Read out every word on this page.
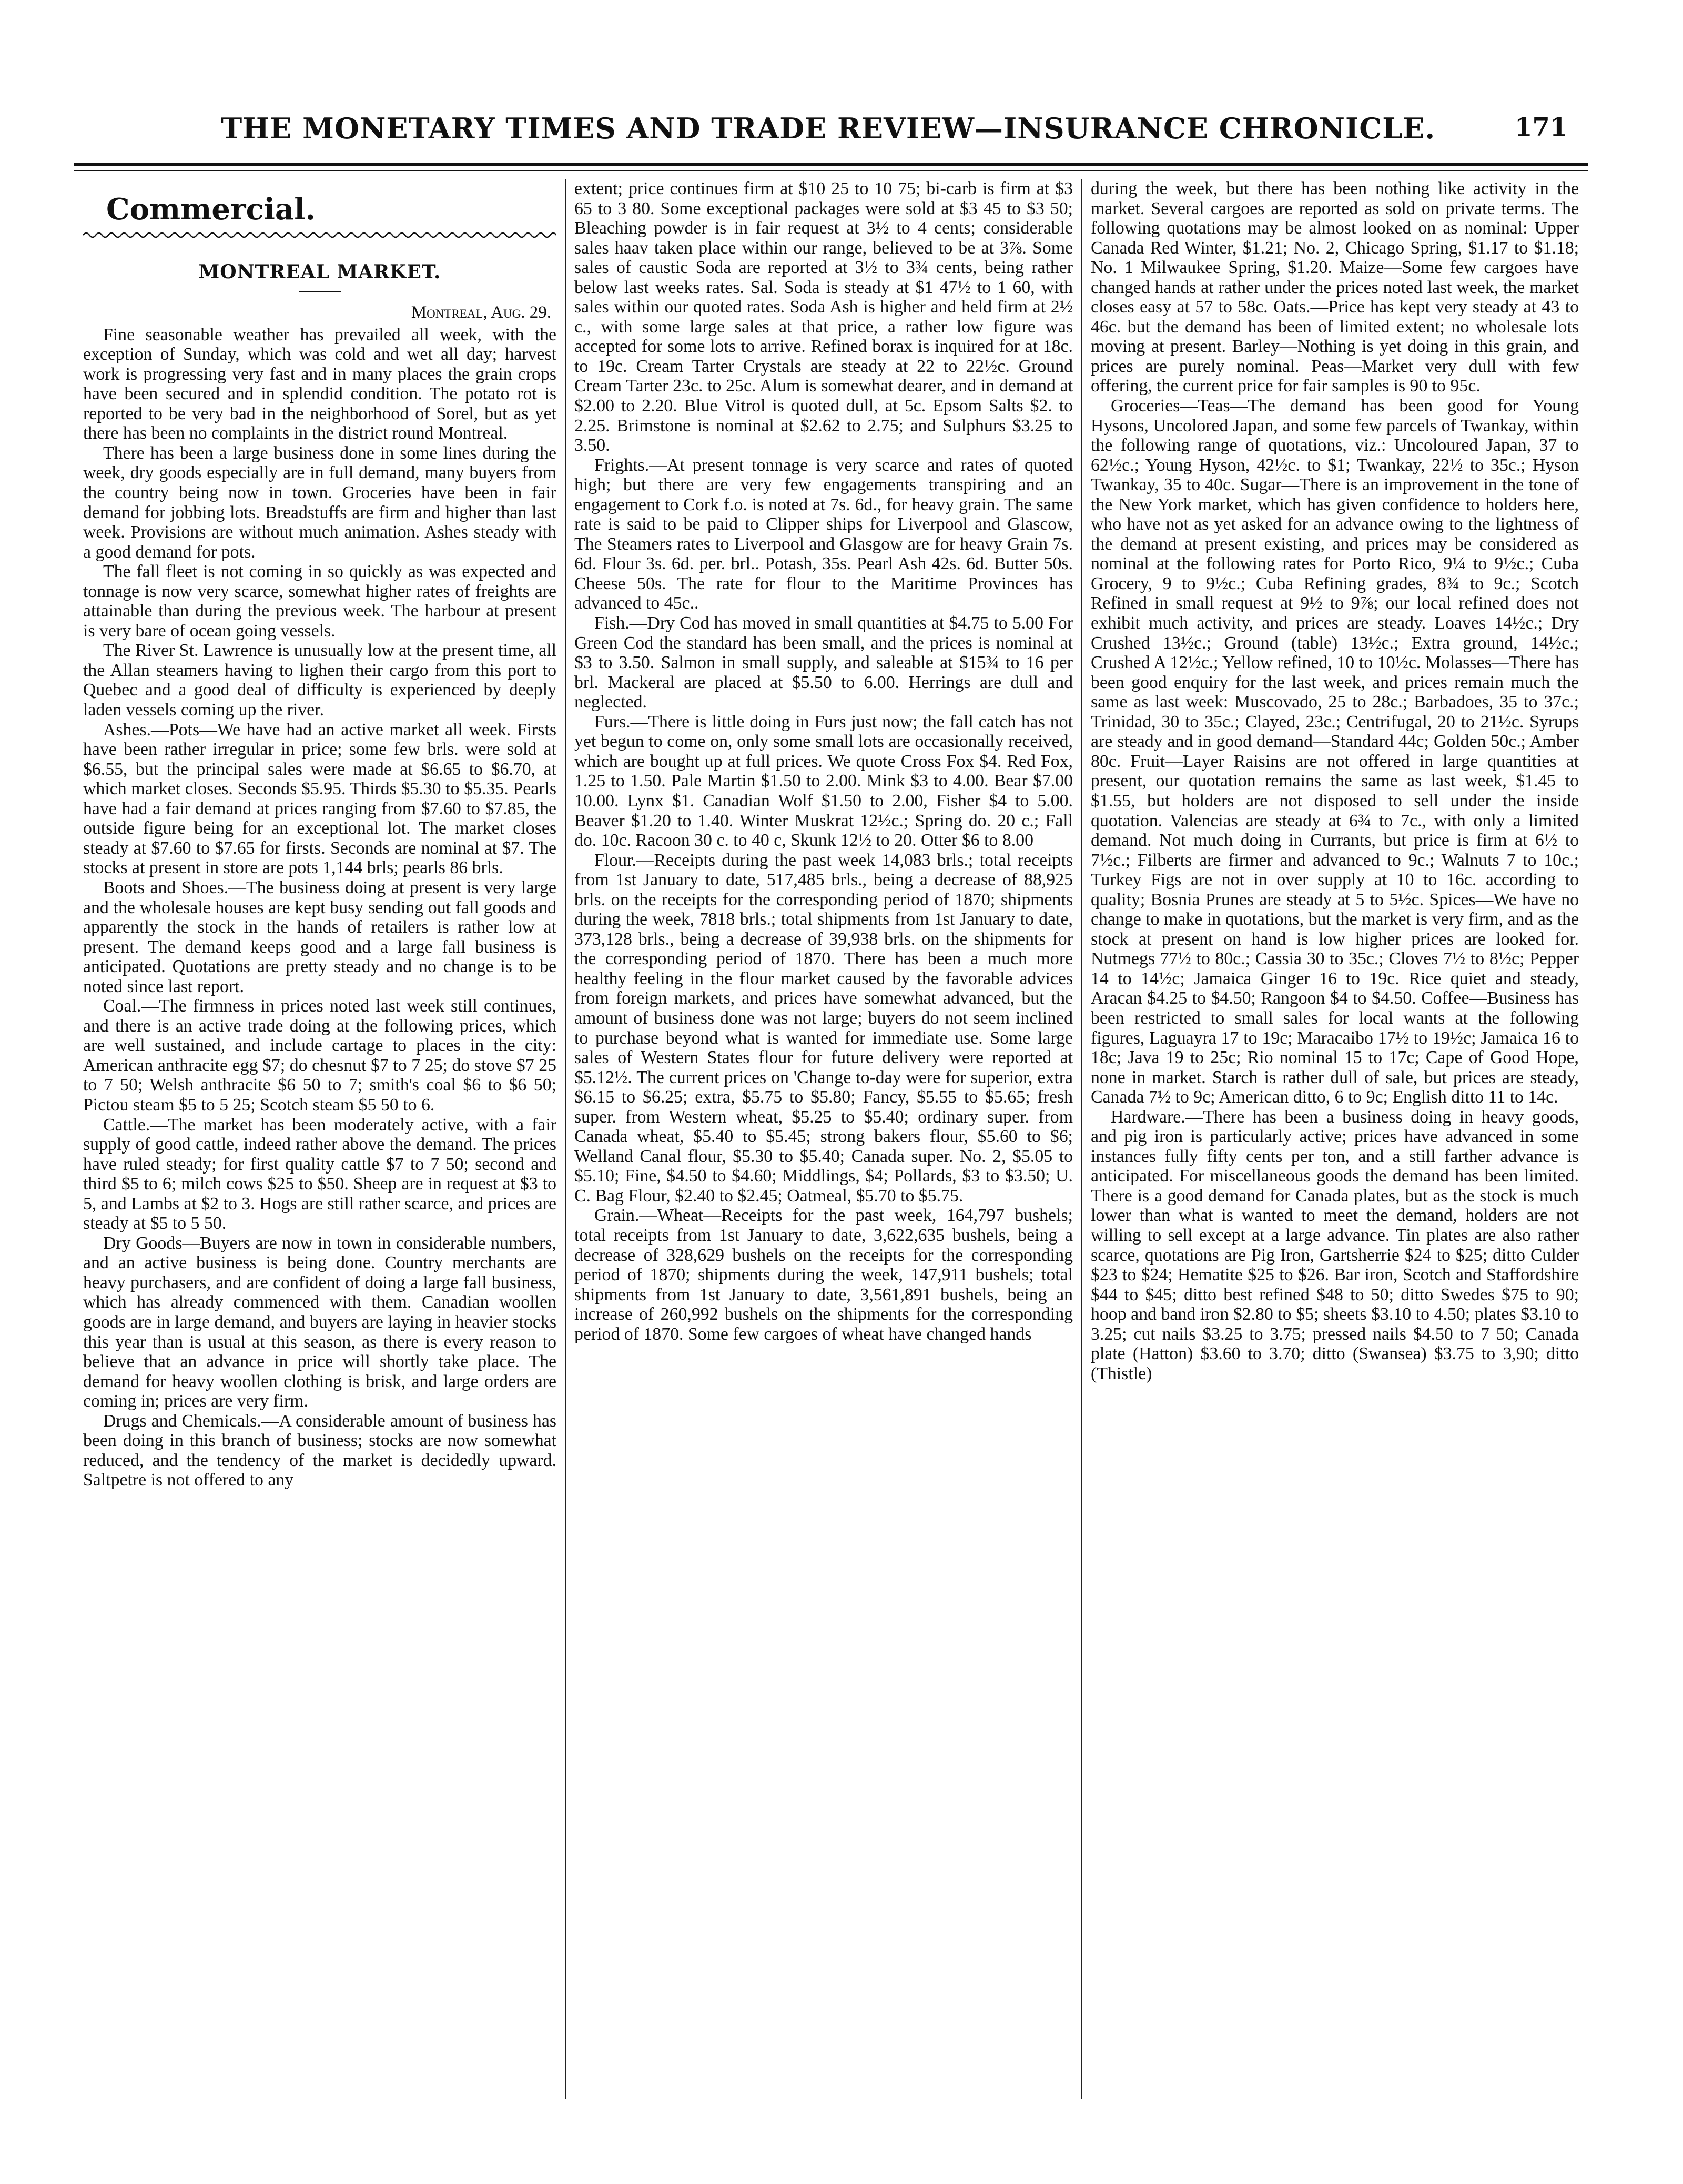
THE MONETARY TIMES AND TRADE REVIEW—INSURANCE CHRONICLE.	171
Commercial.
MONTREAL MARKET.
Montreal, Aug. 29.

Fine seasonable weather has prevailed all week, with the exception of Sunday, which was cold and wet all day; harvest work is progressing very fast and in many places the grain crops have been secured and in splendid condition. The potato rot is reported to be very bad in the neighborhood of Sorel, but as yet there has been no complaints in the district round Montreal.

There has been a large business done in some lines during the week, dry goods especially are in full demand, many buyers from the country being now in town. Groceries have been in fair demand for jobbing lots. Breadstuffs are firm and higher than last week. Provisions are without much animation. Ashes steady with a good demand for pots.

The fall fleet is not coming in so quickly as was expected and tonnage is now very scarce, somewhat higher rates of freights are attainable than during the previous week. The harbour at present is very bare of ocean going vessels.

The River St. Lawrence is unusually low at the present time, all the Allan steamers having to lighen their cargo from this port to Quebec and a good deal of difficulty is experienced by deeply laden vessels coming up the river.

Ashes.—Pots—We have had an active market all week. Firsts have been rather irregular in price; some few brls. were sold at $6.55, but the principal sales were made at $6.65 to $6.70, at which market closes. Seconds $5.95. Thirds $5.30 to $5.35. Pearls have had a fair demand at prices ranging from $7.60 to $7.85, the outside figure being for an exceptional lot. The market closes steady at $7.60 to $7.65 for firsts. Seconds are nominal at $7. The stocks at present in store are pots 1,144 brls; pearls 86 brls.

Boots and Shoes.—The business doing at present is very large and the wholesale houses are kept busy sending out fall goods and apparently the stock in the hands of retailers is rather low at present. The demand keeps good and a large fall business is anticipated. Quotations are pretty steady and no change is to be noted since last report.

Coal.—The firmness in prices noted last week still continues, and there is an active trade doing at the following prices, which are well sustained, and include cartage to places in the city: American anthracite egg $7; do chesnut $7 to 7 25; do stove $7 25 to 7 50; Welsh anthracite $6 50 to 7; smith's coal $6 to $6 50; Pictou steam $5 to 5 25; Scotch steam $5 50 to 6.

Cattle.—The market has been moderately active, with a fair supply of good cattle, indeed rather above the demand. The prices have ruled steady; for first quality cattle $7 to 7 50; second and third $5 to 6; milch cows $25 to $50. Sheep are in request at $3 to 5, and Lambs at $2 to 3. Hogs are still rather scarce, and prices are steady at $5 to 5 50.

Dry Goods—Buyers are now in town in considerable numbers, and an active business is being done. Country merchants are heavy purchasers, and are confident of doing a large fall business, which has already commenced with them. Canadian woollen goods are in large demand, and buyers are laying in heavier stocks this year than is usual at this season, as there is every reason to believe that an advance in price will shortly take place. The demand for heavy woollen clothing is brisk, and large orders are coming in; prices are very firm.

Drugs and Chemicals.—A considerable amount of business has been doing in this branch of business; stocks are now somewhat reduced, and the tendency of the market is decidedly upward. Saltpetre is not offered to any

extent; price continues firm at $10 25 to 10 75; bi-carb is firm at $3 65 to 3 80. Some exceptional packages were sold at $3 45 to $3 50; Bleaching powder is in fair request at 3½ to 4 cents; considerable sales haav taken place within our range, believed to be at 3⅞. Some sales of caustic Soda are reported at 3½ to 3¾ cents, being rather below last weeks rates. Sal. Soda is steady at $1 47½ to 1 60, with sales within our quoted rates. Soda Ash is higher and held firm at 2½ c., with some large sales at that price, a rather low figure was accepted for some lots to arrive. Refined borax is inquired for at 18c. to 19c. Cream Tarter Crystals are steady at 22 to 22½c. Ground Cream Tarter 23c. to 25c. Alum is somewhat dearer, and in demand at $2.00 to 2.20. Blue Vitrol is quoted dull, at 5c. Epsom Salts $2. to 2.25. Brimstone is nominal at $2.62 to 2.75; and Sulphurs $3.25 to 3.50.

Frights.—At present tonnage is very scarce and rates of quoted high; but there are very few engagements transpiring and an engagement to Cork f.o. is noted at 7s. 6d., for heavy grain. The same rate is said to be paid to Clipper ships for Liverpool and Glascow, The Steamers rates to Liverpool and Glasgow are for heavy Grain 7s. 6d. Flour 3s. 6d. per. brl.. Potash, 35s. Pearl Ash 42s. 6d. Butter 50s. Cheese 50s. The rate for flour to the Maritime Provinces has advanced to 45c..

Fish.—Dry Cod has moved in small quantities at $4.75 to 5.00 For Green Cod the standard has been small, and the prices is nominal at $3 to 3.50. Salmon in small supply, and saleable at $15¾ to 16 per brl. Mackeral are placed at $5.50 to 6.00. Herrings are dull and neglected.

Furs.—There is little doing in Furs just now; the fall catch has not yet begun to come on, only some small lots are occasionally received, which are bought up at full prices. We quote Cross Fox $4. Red Fox, 1.25 to 1.50. Pale Martin $1.50 to 2.00. Mink $3 to 4.00. Bear $7.00 10.00. Lynx $1. Canadian Wolf $1.50 to 2.00, Fisher $4 to 5.00. Beaver $1.20 to 1.40. Winter Muskrat 12½c.; Spring do. 20 c.; Fall do. 10c. Racoon 30 c. to 40 c, Skunk 12½ to 20. Otter $6 to 8.00

Flour.—Receipts during the past week 14,083 brls.; total receipts from 1st January to date, 517,485 brls., being a decrease of 88,925 brls. on the receipts for the corresponding period of 1870; shipments during the week, 7818 brls.; total shipments from 1st January to date, 373,128 brls., being a decrease of 39,938 brls. on the shipments for the corresponding period of 1870. There has been a much more healthy feeling in the flour market caused by the favorable advices from foreign markets, and prices have somewhat advanced, but the amount of business done was not large; buyers do not seem inclined to purchase beyond what is wanted for immediate use. Some large sales of Western States flour for future delivery were reported at $5.12½. The current prices on 'Change to-day were for superior, extra $6.15 to $6.25; extra, $5.75 to $5.80; Fancy, $5.55 to $5.65; fresh super. from Western wheat, $5.25 to $5.40; ordinary super. from Canada wheat, $5.40 to $5.45; strong bakers flour, $5.60 to $6; Welland Canal flour, $5.30 to $5.40; Canada super. No. 2, $5.05 to $5.10; Fine, $4.50 to $4.60; Middlings, $4; Pollards, $3 to $3.50; U. C. Bag Flour, $2.40 to $2.45; Oatmeal, $5.70 to $5.75.

Grain.—Wheat—Receipts for the past week, 164,797 bushels; total receipts from 1st January to date, 3,622,635 bushels, being a decrease of 328,629 bushels on the receipts for the corresponding period of 1870; shipments during the week, 147,911 bushels; total shipments from 1st January to date, 3,561,891 bushels, being an increase of 260,992 bushels on the shipments for the corresponding period of 1870. Some few cargoes of wheat have changed hands

during the week, but there has been nothing like activity in the market. Several cargoes are reported as sold on private terms. The following quotations may be almost looked on as nominal: Upper Canada Red Winter, $1.21; No. 2, Chicago Spring, $1.17 to $1.18; No. 1 Milwaukee Spring, $1.20. Maize—Some few cargoes have changed hands at rather under the prices noted last week, the market closes easy at 57 to 58c. Oats.—Price has kept very steady at 43 to 46c. but the demand has been of limited extent; no wholesale lots moving at present. Barley—Nothing is yet doing in this grain, and prices are purely nominal. Peas—Market very dull with few offering, the current price for fair samples is 90 to 95c.

Groceries—Teas—The demand has been good for Young Hysons, Uncolored Japan, and some few parcels of Twankay, within the following range of quotations, viz.: Uncoloured Japan, 37 to 62½c.; Young Hyson, 42½c. to $1; Twankay, 22½ to 35c.; Hyson Twankay, 35 to 40c. Sugar—There is an improvement in the tone of the New York market, which has given confidence to holders here, who have not as yet asked for an advance owing to the lightness of the demand at present existing, and prices may be considered as nominal at the following rates for Porto Rico, 9¼ to 9½c.; Cuba Grocery, 9 to 9½c.; Cuba Refining grades, 8¾ to 9c.; Scotch Refined in small request at 9½ to 9⅞; our local refined does not exhibit much activity, and prices are steady. Loaves 14½c.; Dry Crushed 13½c.; Ground (table) 13½c.; Extra ground, 14½c.; Crushed A 12½c.; Yellow refined, 10 to 10½c. Molasses—There has been good enquiry for the last week, and prices remain much the same as last week: Muscovado, 25 to 28c.; Barbadoes, 35 to 37c.; Trinidad, 30 to 35c.; Clayed, 23c.; Centrifugal, 20 to 21½c. Syrups are steady and in good demand—Standard 44c; Golden 50c.; Amber 80c. Fruit—Layer Raisins are not offered in large quantities at present, our quotation remains the same as last week, $1.45 to $1.55, but holders are not disposed to sell under the inside quotation. Valencias are steady at 6¾ to 7c., with only a limited demand. Not much doing in Currants, but price is firm at 6½ to 7½c.; Filberts are firmer and advanced to 9c.; Walnuts 7 to 10c.; Turkey Figs are not in over supply at 10 to 16c. according to quality; Bosnia Prunes are steady at 5 to 5½c. Spices—We have no change to make in quotations, but the market is very firm, and as the stock at present on hand is low higher prices are looked for. Nutmegs 77½ to 80c.; Cassia 30 to 35c.; Cloves 7½ to 8½c; Pepper 14 to 14½c; Jamaica Ginger 16 to 19c. Rice quiet and steady, Aracan $4.25 to $4.50; Rangoon $4 to $4.50. Coffee—Business has been restricted to small sales for local wants at the following figures, Laguayra 17 to 19c; Maracaibo 17½ to 19½c; Jamaica 16 to 18c; Java 19 to 25c; Rio nominal 15 to 17c; Cape of Good Hope, none in market. Starch is rather dull of sale, but prices are steady, Canada 7½ to 9c; American ditto, 6 to 9c; English ditto 11 to 14c.

Hardware.—There has been a business doing in heavy goods, and pig iron is particularly active; prices have advanced in some instances fully fifty cents per ton, and a still farther advance is anticipated. For miscellaneous goods the demand has been limited. There is a good demand for Canada plates, but as the stock is much lower than what is wanted to meet the demand, holders are not willing to sell except at a large advance. Tin plates are also rather scarce, quotations are Pig Iron, Gartsherrie $24 to $25; ditto Culder $23 to $24; Hematite $25 to $26. Bar iron, Scotch and Staffordshire $44 to $45; ditto best refined $48 to 50; ditto Swedes $75 to 90; hoop and band iron $2.80 to $5; sheets $3.10 to 4.50; plates $3.10 to 3.25; cut nails $3.25 to 3.75; pressed nails $4.50 to 7 50; Canada plate (Hatton) $3.60 to 3.70; ditto (Swansea) $3.75 to 3,90; ditto (Thistle)
